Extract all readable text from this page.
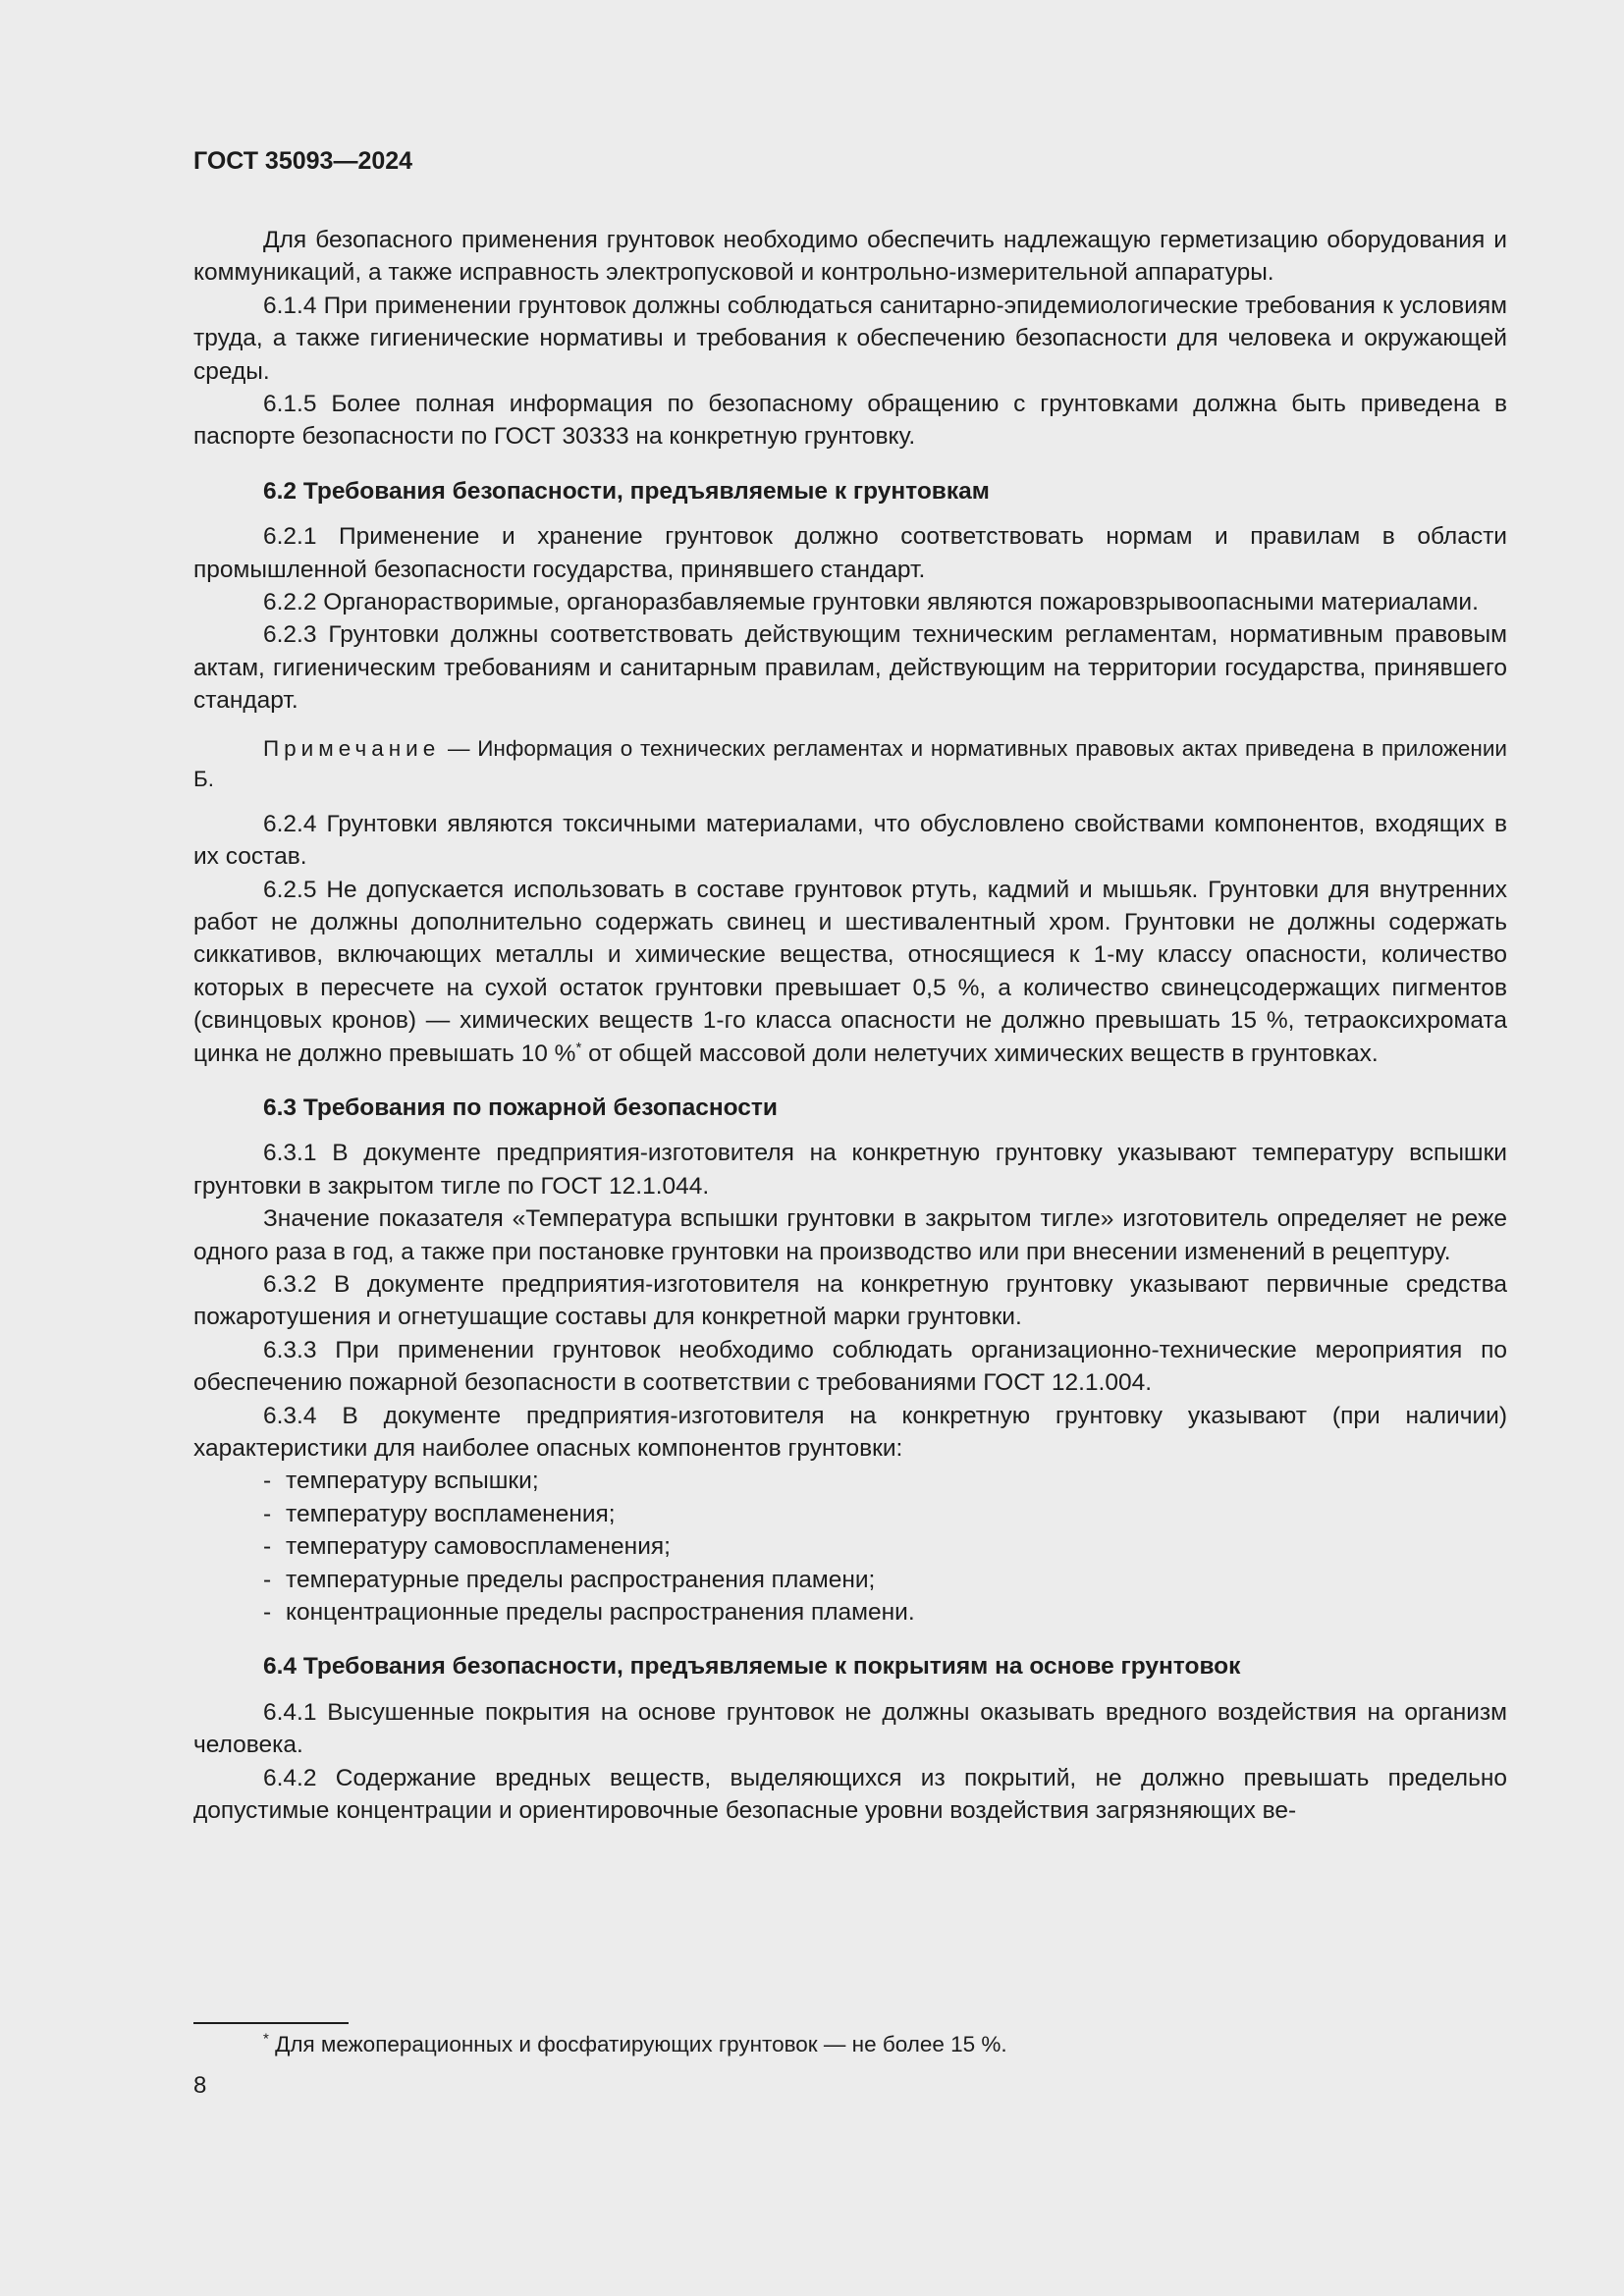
ГОСТ 35093—2024

Для безопасного применения грунтовок необходимо обеспечить надлежащую герметизацию оборудования и коммуникаций, а также исправность электропусковой и контрольно-измерительной аппаратуры.

6.1.4 При применении грунтовок должны соблюдаться санитарно-эпидемиологические требования к условиям труда, а также гигиенические нормативы и требования к обеспечению безопасности для человека и окружающей среды.

6.1.5 Более полная информация по безопасному обращению с грунтовками должна быть приведена в паспорте безопасности по ГОСТ 30333 на конкретную грунтовку.

6.2 Требования безопасности, предъявляемые к грунтовкам

6.2.1 Применение и хранение грунтовок должно соответствовать нормам и правилам в области промышленной безопасности государства, принявшего стандарт.

6.2.2 Органорастворимые, органоразбавляемые грунтовки являются пожаровзрывоопасными материалами.

6.2.3 Грунтовки должны соответствовать действующим техническим регламентам, нормативным правовым актам, гигиеническим требованиям и санитарным правилам, действующим на территории государства, принявшего стандарт.

Примечание — Информация о технических регламентах и нормативных правовых актах приведена в приложении Б.

6.2.4 Грунтовки являются токсичными материалами, что обусловлено свойствами компонентов, входящих в их состав.

6.2.5 Не допускается использовать в составе грунтовок ртуть, кадмий и мышьяк. Грунтовки для внутренних работ не должны дополнительно содержать свинец и шестивалентный хром. Грунтовки не должны содержать сиккативов, включающих металлы и химические вещества, относящиеся к 1-му классу опасности, количество которых в пересчете на сухой остаток грунтовки превышает 0,5 %, а количество свинецсодержащих пигментов (свинцовых кронов) — химических веществ 1-го класса опасности не должно превышать 15 %, тетраоксихромата цинка не должно превышать 10 %* от общей массовой доли нелетучих химических веществ в грунтовках.

6.3 Требования по пожарной безопасности

6.3.1 В документе предприятия-изготовителя на конкретную грунтовку указывают температуру вспышки грунтовки в закрытом тигле по ГОСТ 12.1.044.

Значение показателя «Температура вспышки грунтовки в закрытом тигле» изготовитель определяет не реже одного раза в год, а также при постановке грунтовки на производство или при внесении изменений в рецептуру.

6.3.2 В документе предприятия-изготовителя на конкретную грунтовку указывают первичные средства пожаротушения и огнетушащие составы для конкретной марки грунтовки.

6.3.3 При применении грунтовок необходимо соблюдать организационно-технические мероприятия по обеспечению пожарной безопасности в соответствии с требованиями ГОСТ 12.1.004.

6.3.4 В документе предприятия-изготовителя на конкретную грунтовку указывают (при наличии) характеристики для наиболее опасных компонентов грунтовки:

- температуру вспышки;
- температуру воспламенения;
- температуру самовоспламенения;
- температурные пределы распространения пламени;
- концентрационные пределы распространения пламени.
6.4 Требования безопасности, предъявляемые к покрытиям на основе грунтовок

6.4.1 Высушенные покрытия на основе грунтовок не должны оказывать вредного воздействия на организм человека.

6.4.2 Содержание вредных веществ, выделяющихся из покрытий, не должно превышать предельно допустимые концентрации и ориентировочные безопасные уровни воздействия загрязняющих ве-

* Для межоперационных и фосфатирующих грунтовок — не более 15 %.
8
